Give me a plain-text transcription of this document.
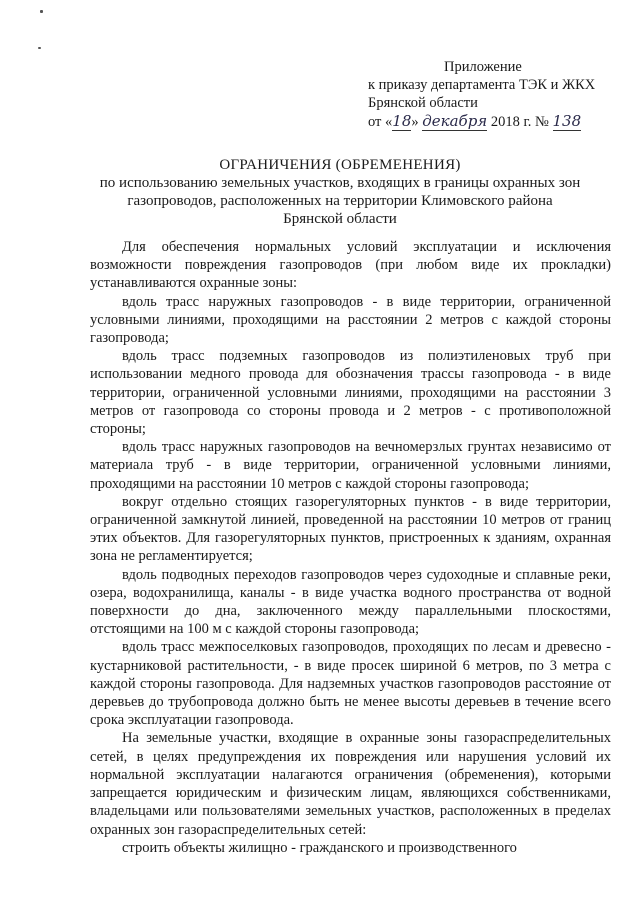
Приложение
к приказу департамента ТЭК и ЖКХ
Брянской области
от «18» декабря 2018 г. № 138
ОГРАНИЧЕНИЯ (ОБРЕМЕНЕНИЯ)
по использованию земельных участков, входящих в границы охранных зон
газопроводов, расположенных на территории Климовского района
Брянской области

Для обеспечения нормальных условий эксплуатации и исключения возможности повреждения газопроводов (при любом виде их прокладки) устанавливаются охранные зоны:

вдоль трасс наружных газопроводов - в виде территории, ограниченной условными линиями, проходящими на расстоянии 2 метров с каждой стороны газопровода;

вдоль трасс подземных газопроводов из полиэтиленовых труб при использовании медного провода для обозначения трассы газопровода - в виде территории, ограниченной условными линиями, проходящими на расстоянии 3 метров от газопровода со стороны провода и 2 метров - с противоположной стороны;

вдоль трасс наружных газопроводов на вечномерзлых грунтах независимо от материала труб - в виде территории, ограниченной условными линиями, проходящими на расстоянии 10 метров с каждой стороны газопровода;

вокруг отдельно стоящих газорегуляторных пунктов - в виде территории, ограниченной замкнутой линией, проведенной на расстоянии 10 метров от границ этих объектов. Для газорегуляторных пунктов, пристроенных к зданиям, охранная зона не регламентируется;

вдоль подводных переходов газопроводов через судоходные и сплавные реки, озера, водохранилища, каналы - в виде участка водного пространства от водной поверхности до дна, заключенного между параллельными плоскостями, отстоящими на 100 м с каждой стороны газопровода;

вдоль трасс межпоселковых газопроводов, проходящих по лесам и древесно - кустарниковой растительности, - в виде просек шириной 6 метров, по 3 метра с каждой стороны газопровода. Для надземных участков газопроводов расстояние от деревьев до трубопровода должно быть не менее высоты деревьев в течение всего срока эксплуатации газопровода.

На земельные участки, входящие в охранные зоны газораспределительных сетей, в целях предупреждения их повреждения или нарушения условий их нормальной эксплуатации налагаются ограничения (обременения), которыми запрещается юридическим и физическим лицам, являющихся собственниками, владельцами или пользователями земельных участков, расположенных в пределах охранных зон газораспределительных сетей:

строить объекты жилищно - гражданского и производственного
